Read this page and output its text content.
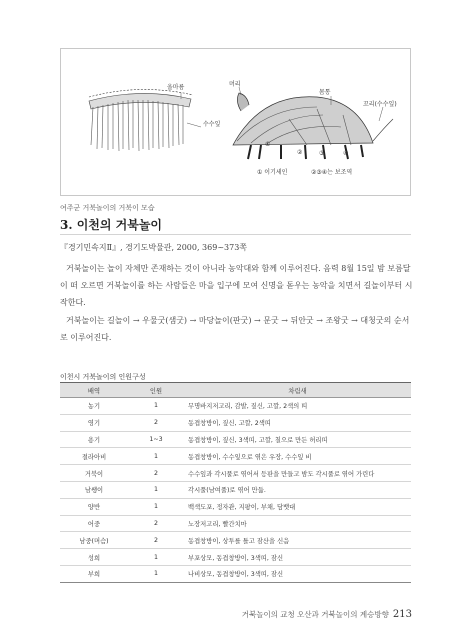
올마름	머리
몸통
꼬리(수수잎)
수수잎
①
②	③	④
① 이기세인	②③④는 보조역
여주군 거북놀이의 거북이 모습
3. 이천의 거북놀이

『경기민속지Ⅱ』, 경기도박물관, 2000, 369~373쪽

거북놀이는 놀이 자체만 존재하는 것이 아니라 농악대와 함께 이루어진다. 음력 8월 15일 밤 보름달이 떠 오르면 거북놀이를 하는 사람들은 마을 입구에 모여 신명을 돋우는 농악을 치면서 길놀이부터 시작한다.

거북놀이는 길놀이 → 우물굿(샘굿) → 마당놀이(판굿) → 문굿 → 뒤안굿 → 조왕굿 → 대청굿의 순서로 이루어진다.

이천시 거북놀이의 인원구성
배역	인원	차림새
농기	1	무명바지저고리, 감발, 짚신, 고깔, 2색의 띠
영기	2	동겹창방이, 짚신, 고깔, 2색띠
용기	1~3	동겹창방이, 짚신, 3색띠, 고깔, 칠으로 만든 허리띠
절라아비	1	동겹창방이, 수수잎으로 엮은 우장, 수수잎 비
거북이	2	수수잎과 각시풀로 엮어서 등판을 만들고 밤도 각시풀로 엮어 가린다
남쌩이	1	각시풀(남여풀)로 엮어 만듦.
양반	1	백색도포, 정자관, 지팡이, 부채, 담뱃대
어중	2	노장저고리, 빨간치마
남중(머슴)	2	동겹창방이, 상투를 틀고 잠산을 신음
성희	1	부포상모, 동겹창방이, 3색띠, 잠신
부희	1	나비상모, 동겹창방이, 3색띠, 잠신
거북놀이의 교청 오산과 거북놀이의 계승방향 213
